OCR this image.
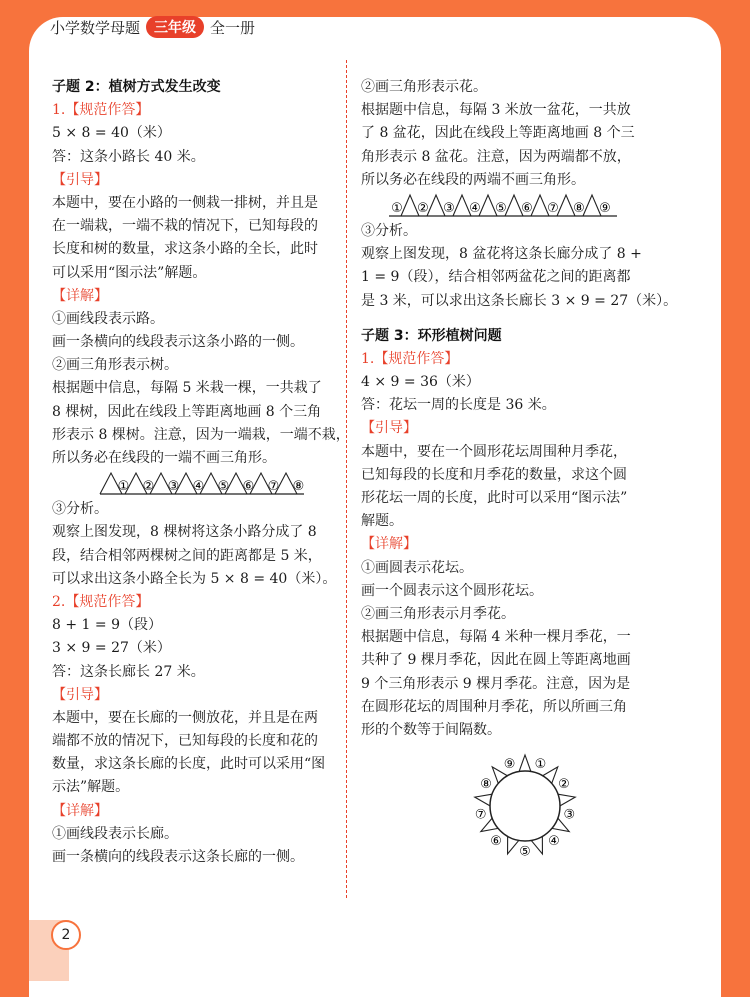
小学数学母题	三年级 全一册
子题 2：植树方式发生改变
1.【规范作答】
5 × 8 = 40（米）
答：这条小路长 40 米。
【引导】
本题中，要在小路的一侧栽一排树，并且是
在一端栽，一端不栽的情况下，已知每段的
长度和树的数量，求这条小路的全长，此时
可以采用“图示法”解题。
【详解】
①画线段表示路。
画一条横向的线段表示这条小路的一侧。
②画三角形表示树。
根据题中信息，每隔 5 米栽一棵，一共栽了
8 棵树，因此在线段上等距离地画 8 个三角
形表示 8 棵树。注意，因为一端栽，一端不栽，
所以务必在线段的一端不画三角形。
① ② ③ ④ ⑤ ⑥ ⑦ ⑧
③分析。
观察上图发现，8 棵树将这条小路分成了 8
段，结合相邻两棵树之间的距离都是 5 米，
可以求出这条小路全长为 5 × 8 = 40（米）。
2.【规范作答】
8 + 1 = 9（段）
3 × 9 = 27（米）
答：这条长廊长 27 米。
【引导】
本题中，要在长廊的一侧放花，并且是在两
端都不放的情况下，已知每段的长度和花的
数量，求这条长廊的长度，此时可以采用“图
示法”解题。
【详解】
①画线段表示长廊。
画一条横向的线段表示这条长廊的一侧。
②画三角形表示花。
根据题中信息，每隔 3 米放一盆花，一共放
了 8 盆花，因此在线段上等距离地画 8 个三
角形表示 8 盆花。注意，因为两端都不放，
所以务必在线段的两端不画三角形。
① ② ③ ④ ⑤ ⑥ ⑦ ⑧ ⑨
③分析。
观察上图发现，8 盆花将这条长廊分成了 8 +
1 = 9（段），结合相邻两盆花之间的距离都
是 3 米，可以求出这条长廊长 3 × 9 = 27（米）。
子题 3：环形植树问题
1.【规范作答】
4 × 9 = 36（米）
答：花坛一周的长度是 36 米。
【引导】
本题中，要在一个圆形花坛周围种月季花，
已知每段的长度和月季花的数量，求这个圆
形花坛一周的长度，此时可以采用“图示法”
解题。
【详解】
①画圆表示花坛。
画一个圆表示这个圆形花坛。
②画三角形表示月季花。
根据题中信息，每隔 4 米种一棵月季花，一
共种了 9 棵月季花，因此在圆上等距离地画
9 个三角形表示 9 棵月季花。注意，因为是
在圆形花坛的周围种月季花，所以所画三角
形的个数等于间隔数。
①
②
③
④
⑤
⑥
⑦
⑧
⑨
2
